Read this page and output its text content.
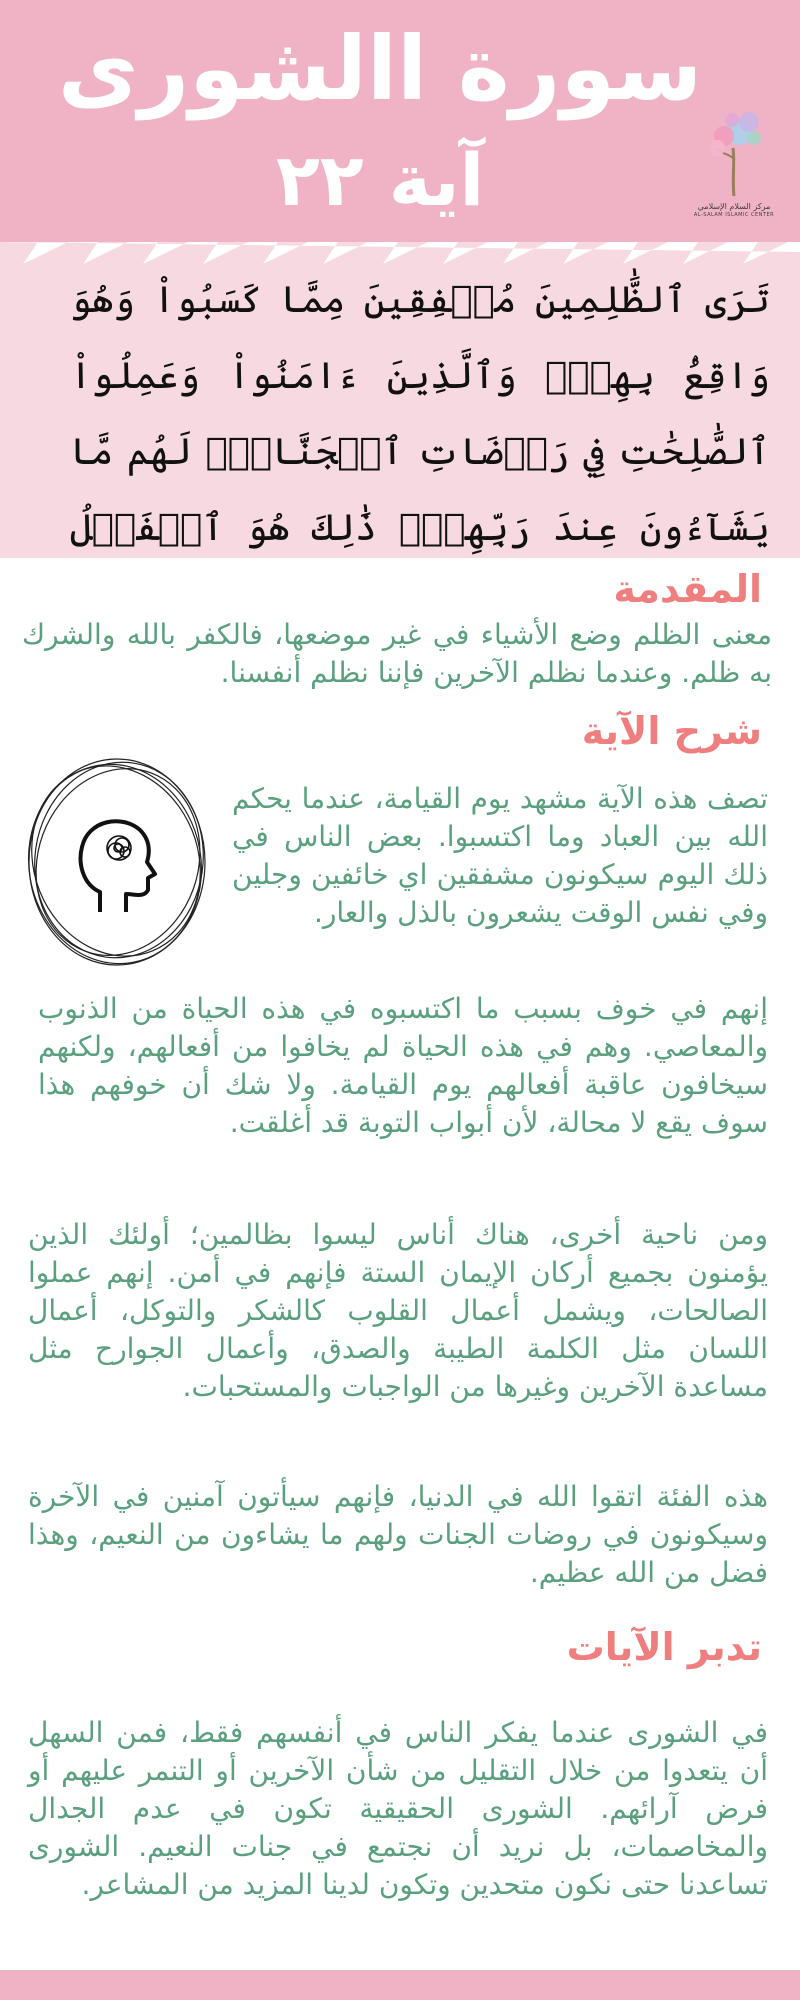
سورة االشورى
آية ٢٢	مركز السلام الإسلامي
AL-SALAM ISLAMIC CENTER
تَرَى ٱلظَّٰلِمِينَ مُشۡفِقِينَ مِمَّا كَسَبُواْ وَهُوَ وَاقِعُۢ بِهِمۡۗ وَٱلَّذِينَ ءَامَنُواْ وَعَمِلُواْ ٱلصَّٰلِحَٰتِ فِي رَوۡضَاتِ ٱلۡجَنَّاتِۖ لَهُم مَّا يَشَآءُونَ عِندَ رَبِّهِمۡۚ ذَٰلِكَ هُوَ ٱلۡفَضۡلُ
المقدمة

معنى الظلم وضع الأشياء في غير موضعها، فالكفر بالله والشرك به ظلم. وعندما نظلم الآخرين فإننا نظلم أنفسنا.

شرح الآية

تصف هذه الآية مشهد يوم القيامة، عندما يحكم الله بين العباد وما اكتسبوا. بعض الناس في ذلك اليوم سيكونون مشفقين اي خائفين وجلين وفي نفس الوقت يشعرون بالذل والعار.

إنهم في خوف بسبب ما اكتسبوه في هذه الحياة من الذنوب والمعاصي. وهم في هذه الحياة لم يخافوا من أفعالهم، ولكنهم سيخافون عاقبة أفعالهم يوم القيامة. ولا شك أن خوفهم هذا سوف يقع لا محالة، لأن أبواب التوبة قد أغلقت.

ومن ناحية أخرى، هناك أناس ليسوا بظالمين؛ أولئك الذين يؤمنون بجميع أركان الإيمان الستة فإنهم في أمن. إنهم عملوا الصالحات، ويشمل أعمال القلوب كالشكر والتوكل، أعمال اللسان مثل الكلمة الطيبة والصدق، وأعمال الجوارح مثل مساعدة الآخرين وغيرها من الواجبات والمستحبات.

هذه الفئة اتقوا الله في الدنيا، فإنهم سيأتون آمنين في الآخرة وسيكونون في روضات الجنات ولهم ما يشاءون من النعيم، وهذا فضل من الله عظيم.

تدبر الآيات

في الشورى عندما يفكر الناس في أنفسهم فقط، فمن السهل أن يتعدوا من خلال التقليل من شأن الآخرين أو التنمر عليهم أو فرض آرائهم. الشورى الحقيقية تكون في عدم الجدال والمخاصمات، بل نريد أن نجتمع في جنات النعيم. الشورى تساعدنا حتى نكون متحدين وتكون لدينا المزيد من المشاعر.
